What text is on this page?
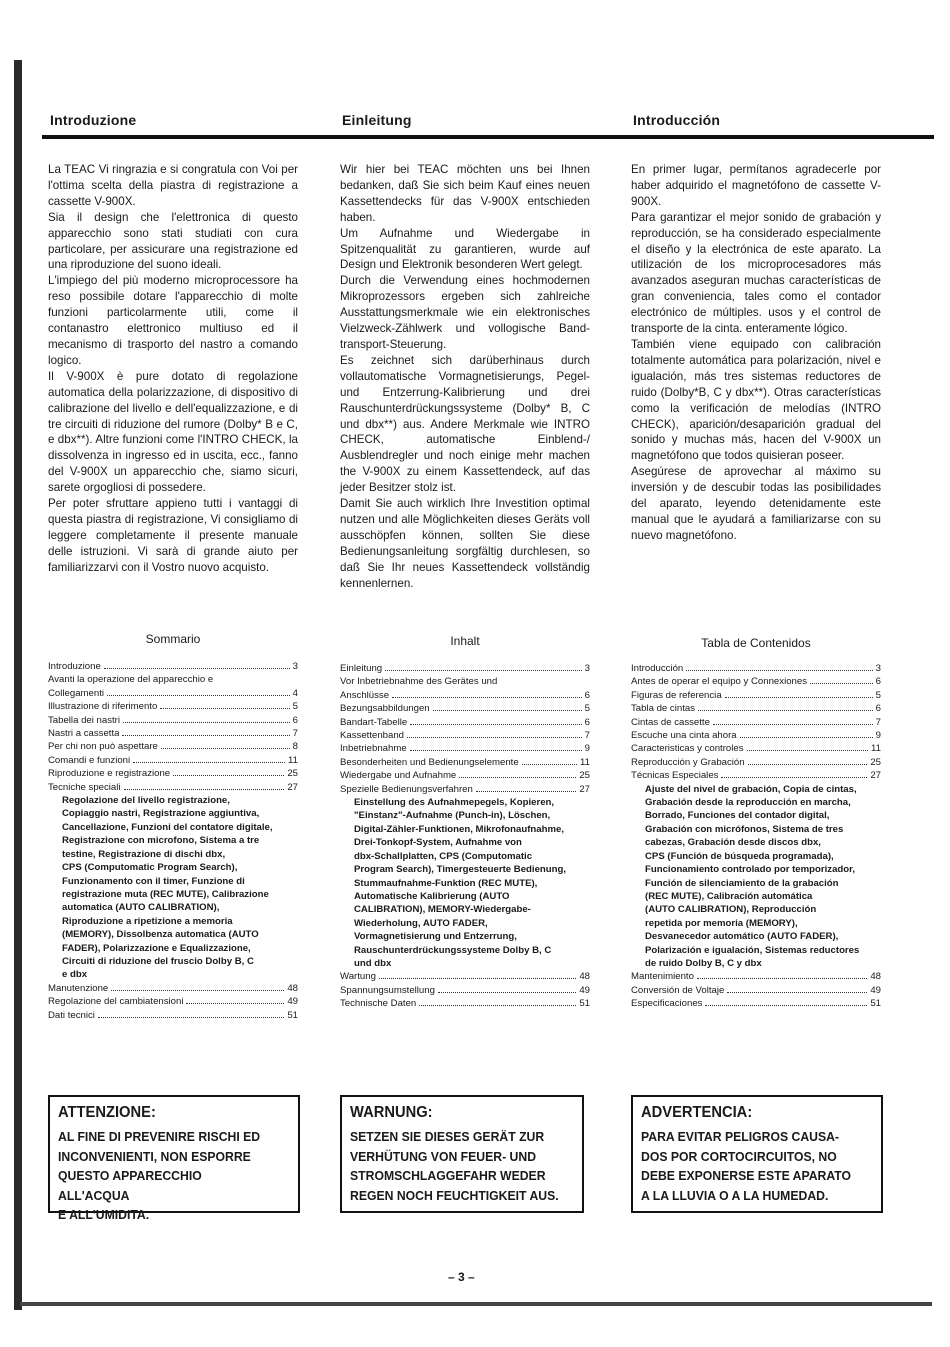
Introduzione	Einleitung	Introducción

La TEAC Vi ringrazia e si congratula con Voi per l'ottima scelta della piastra di registrazione a cassette V-900X.

Sia il design che l'elettronica di questo apparecchio sono stati studiati con cura particolare, per assicurare una registrazione ed una riproduzione del suono ideali.

L'impiego del più moderno microprocessore ha reso possibile dotare l'apparecchio di molte funzioni particolarmente utili, come il contanastro elettronico multiuso ed il mecanismo di trasporto del nastro a comando logico.

Il V-900X è pure dotato di regolazione automatica della polarizzazione, di dispositivo di calibrazione del livello e dell'equalizzazione, e di tre circuiti di riduzione del rumore (Dolby* B e C, e dbx**). Altre funzioni come l'INTRO CHECK, la dissolvenza in ingresso ed in uscita, ecc., fanno del V-900X un apparecchio che, siamo sicuri, sarete orgogliosi di possedere.

Per poter sfruttare appieno tutti i vantaggi di questa piastra di registrazione, Vi consigliamo di leggere completamente il presente manuale delle istruzioni. Vi sarà di grande aiuto per familiarizzarvi con il Vostro nuovo acquisto.

Wir hier bei TEAC möchten uns bei Ihnen bedanken, daß Sie sich beim Kauf eines neuen Kassettendecks für das V-900X entschieden haben.

Um Aufnahme und Wiedergabe in Spitzenqualität zu garantieren, wurde auf Design und Elektronik besonderen Wert gelegt.

Durch die Verwendung eines hochmodernen Mikroprozessors ergeben sich zahlreiche Ausstattungsmerkmale wie ein elektronisches Vielzweck-Zählwerk und vollogische Band-transport-Steuerung.

Es zeichnet sich darüberhinaus durch vollautomatische Vormagnetisierungs, Pegel- und Entzerrung-Kalibrierung und drei Rauschunterdrückungssysteme (Dolby* B, C und dbx**) aus. Andere Merkmale wie INTRO CHECK, automatische Einblend-/ Ausblendregler und noch einige mehr machen the V-900X zu einem Kassettendeck, auf das jeder Besitzer stolz ist.

Damit Sie auch wirklich Ihre Investition optimal nutzen und alle Möglichkeiten dieses Geräts voll ausschöpfen können, sollten Sie diese Bedienungsanleitung sorgfältig durchlesen, so daß Sie Ihr neues Kassettendeck vollständig kennenlernen.

En primer lugar, permítanos agradecerle por haber adquirido el magnetófono de cassette V-900X.

Para garantizar el mejor sonido de grabación y reproducción, se ha considerado especialmente el diseño y la electrónica de este aparato. La utilización de los microprocesadores más avanzados aseguran muchas características de gran conveniencia, tales como el contador electrónico de múltiples. usos y el control de transporte de la cinta. enteramente lógico.

También viene equipado con calibración totalmente automática para polarización, nivel e igualación, más tres sistemas reductores de ruido (Dolby*B, C y dbx**). Otras características como la verificación de melodías (INTRO CHECK), aparición/desaparición gradual del sonido y muchas más, hacen del V-900X un magnetófono que todos quisieran poseer.

Asegúrese de aprovechar al máximo su inversión y de descubir todas las posibilidades del aparato, leyendo detenidamente este manual que le ayudará a familiarizarse con su nuevo magnetófono.

Sommario	Inhalt	Tabla de Contenidos
Introduzione	3
Avanti la operazione del apparecchio e
Collegamenti	4
Illustrazione di riferimento	5
Tabella dei nastri	6
Nastri a cassetta	7
Per chi non può aspettare	8
Comandi e funzioni	11
Riproduzione e registrazione	25
Tecniche speciali	27
Regolazione del livello registrazione,
Copiaggio nastri, Registrazione aggiuntiva,
Cancellazione, Funzioni del contatore digitale,
Registrazione con microfono, Sistema a tre
testine, Registrazione di dischi dbx,
CPS (Computomatic Program Search),
Funzionamento con il timer, Funzione di
registrazione muta (REC MUTE), Calibrazione
automatica (AUTO CALIBRATION),
Riproduzione a ripetizione a memoria
(MEMORY), Dissolbenza automatica (AUTO
FADER), Polarizzazione e Equalizzazione,
Circuiti di riduzione del fruscio Dolby B, C
e dbx
Manutenzione	48
Regolazione del cambiatensioni	49
Dati tecnici	51
Einleitung	3
Vor Inbetriebnahme des Gerätes und
Anschlüsse	6
Bezungsabbildungen	5
Bandart-Tabelle	6
Kassettenband	7
Inbetriebnahme	9
Besonderheiten und Bedienungselemente	11
Wiedergabe und Aufnahme	25
Spezielle Bedienungsverfahren	27
Einstellung des Aufnahmepegels, Kopieren,
"Einstanz"-Aufnahme (Punch-in), Löschen,
Digital-Zähler-Funktionen, Mikrofonaufnahme,
Drei-Tonkopf-System, Aufnahme von
dbx-Schallplatten, CPS (Computomatic
Program Search), Timergesteuerte Bedienung,
Stummaufnahme-Funktion (REC MUTE),
Automatische Kalibrierung (AUTO
CALIBRATION), MEMORY-Wiedergabe-
Wiederholung, AUTO FADER,
Vormagnetisierung und Entzerrung,
Rauschunterdrückungssysteme Dolby B, C
und dbx
Wartung	48
Spannungsumstellung	49
Technische Daten	51
Introducción	3
Antes de operar el equipo y Connexiones	6
Figuras de referencia	5
Tabla de cintas	6
Cintas de cassette	7
Escuche una cinta ahora	9
Caracteristicas y controles	11
Reproducción y Grabación	25
Técnicas Especiales	27
Ajuste del nivel de grabación, Copia de cintas,
Grabación desde la reproducción en marcha,
Borrado, Funciones del contador digital,
Grabación con micrófonos, Sistema de tres
cabezas, Grabación desde discos dbx,
CPS (Función de búsqueda programada),
Funcionamiento controlado por temporizador,
Función de silenciamiento de la grabación
(REC MUTE), Calibración automática
(AUTO CALIBRATION), Reproducción
repetida por memoria (MEMORY),
Desvanecedor automático (AUTO FADER),
Polarización e igualación, Sistemas reductores
de ruido Dolby B, C y dbx
Mantenimiento	48
Conversión de Voltaje	49
Especificaciones	51
ATTENZIONE:
AL FINE DI PREVENIRE RISCHI ED
INCONVENIENTI, NON ESPORRE
QUESTO APPARECCHIO ALL'ACQUA
E ALL'UMIDITA.
WARNUNG:
SETZEN SIE DIESES GERÄT ZUR
VERHÜTUNG VON FEUER- UND
STROMSCHLAGGEFAHR WEDER
REGEN NOCH FEUCHTIGKEIT AUS.
ADVERTENCIA:
PARA EVITAR PELIGROS CAUSA-
DOS POR CORTOCIRCUITOS, NO
DEBE EXPONERSE ESTE APARATO
A LA LLUVIA O A LA HUMEDAD.
– 3 –
